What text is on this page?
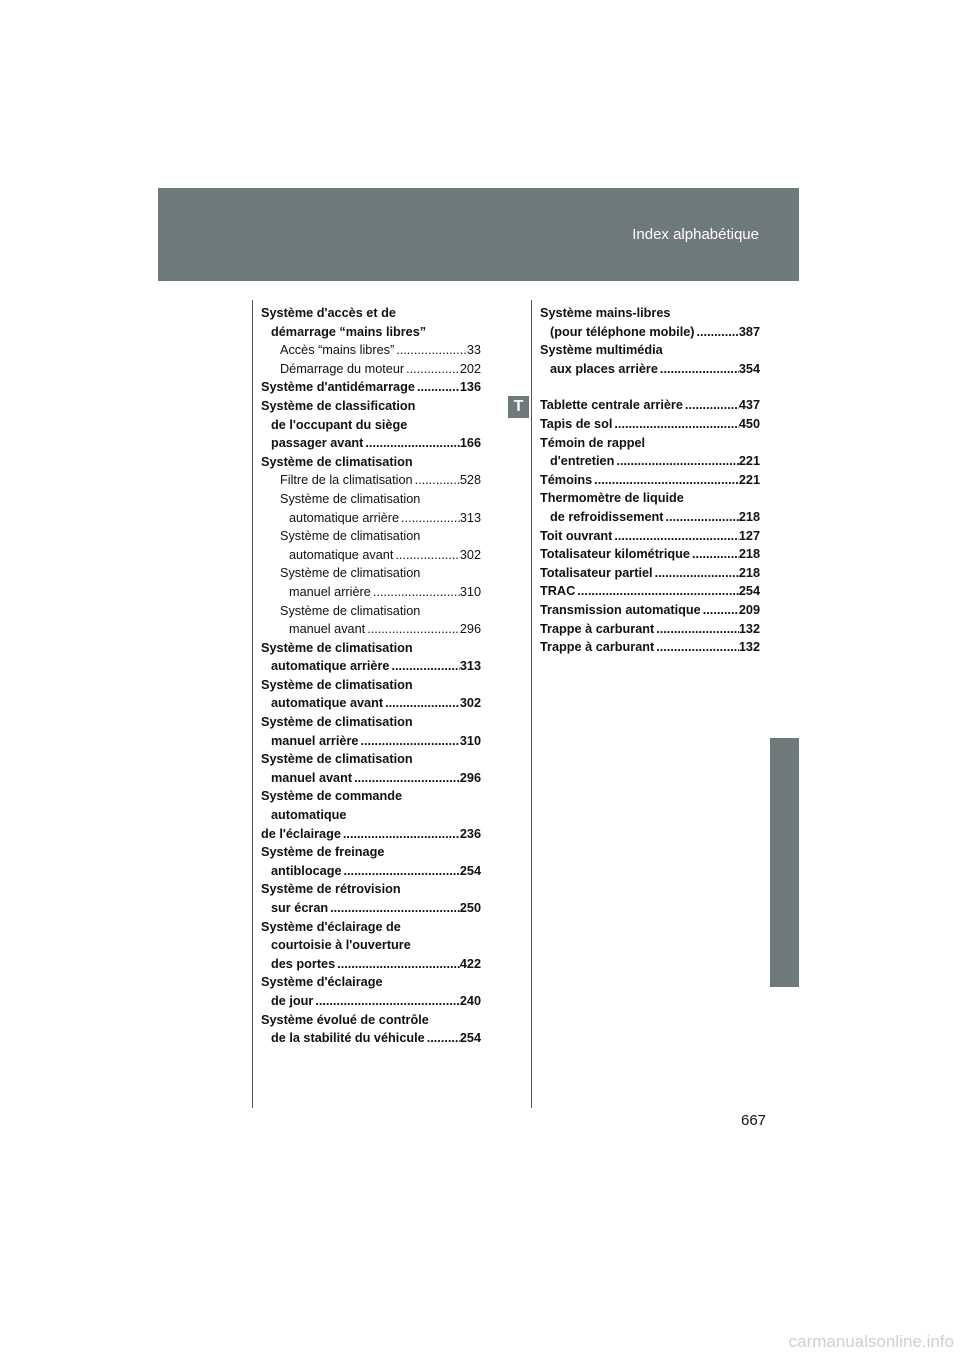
Index alphabétique
T
Système d'accès et de
démarrage “mains libres”
Accès “mains libres” .....	33
Démarrage du moteur .....	202
Système d'antidémarrage .....	136
Système de classification
de l'occupant du siège
passager avant .....	166
Système de climatisation
Filtre de la climatisation .....	528
Système de climatisation
automatique arrière .....	313
Système de climatisation
automatique avant .....	302
Système de climatisation
manuel arrière .....	310
Système de climatisation
manuel avant .....	296
Système de climatisation
automatique arrière .....	313
Système de climatisation
automatique avant .....	302
Système de climatisation
manuel arrière .....	310
Système de climatisation
manuel avant .....	296
Système de commande
automatique
de l'éclairage .....	236
Système de freinage
antiblocage .....	254
Système de rétrovision
sur écran .....	250
Système d'éclairage de
courtoisie à l'ouverture
des portes .....	422
Système d'éclairage
de jour .....	240
Système évolué de contrôle
de la stabilité du véhicule .....	254
Système mains-libres
(pour téléphone mobile) .....	387
Système multimédia
aux places arrière .....	354
Tablette centrale arrière .....	437
Tapis de sol .....	450
Témoin de rappel
d'entretien .....	221
Témoins .....	221
Thermomètre de liquide
de refroidissement .....	218
Toit ouvrant .....	127
Totalisateur kilométrique .....	218
Totalisateur partiel .....	218
TRAC .....	254
Transmission automatique .....	209
Trappe à carburant .....	132
Trappe à carburant .....	132
667
carmanualsonline.info
